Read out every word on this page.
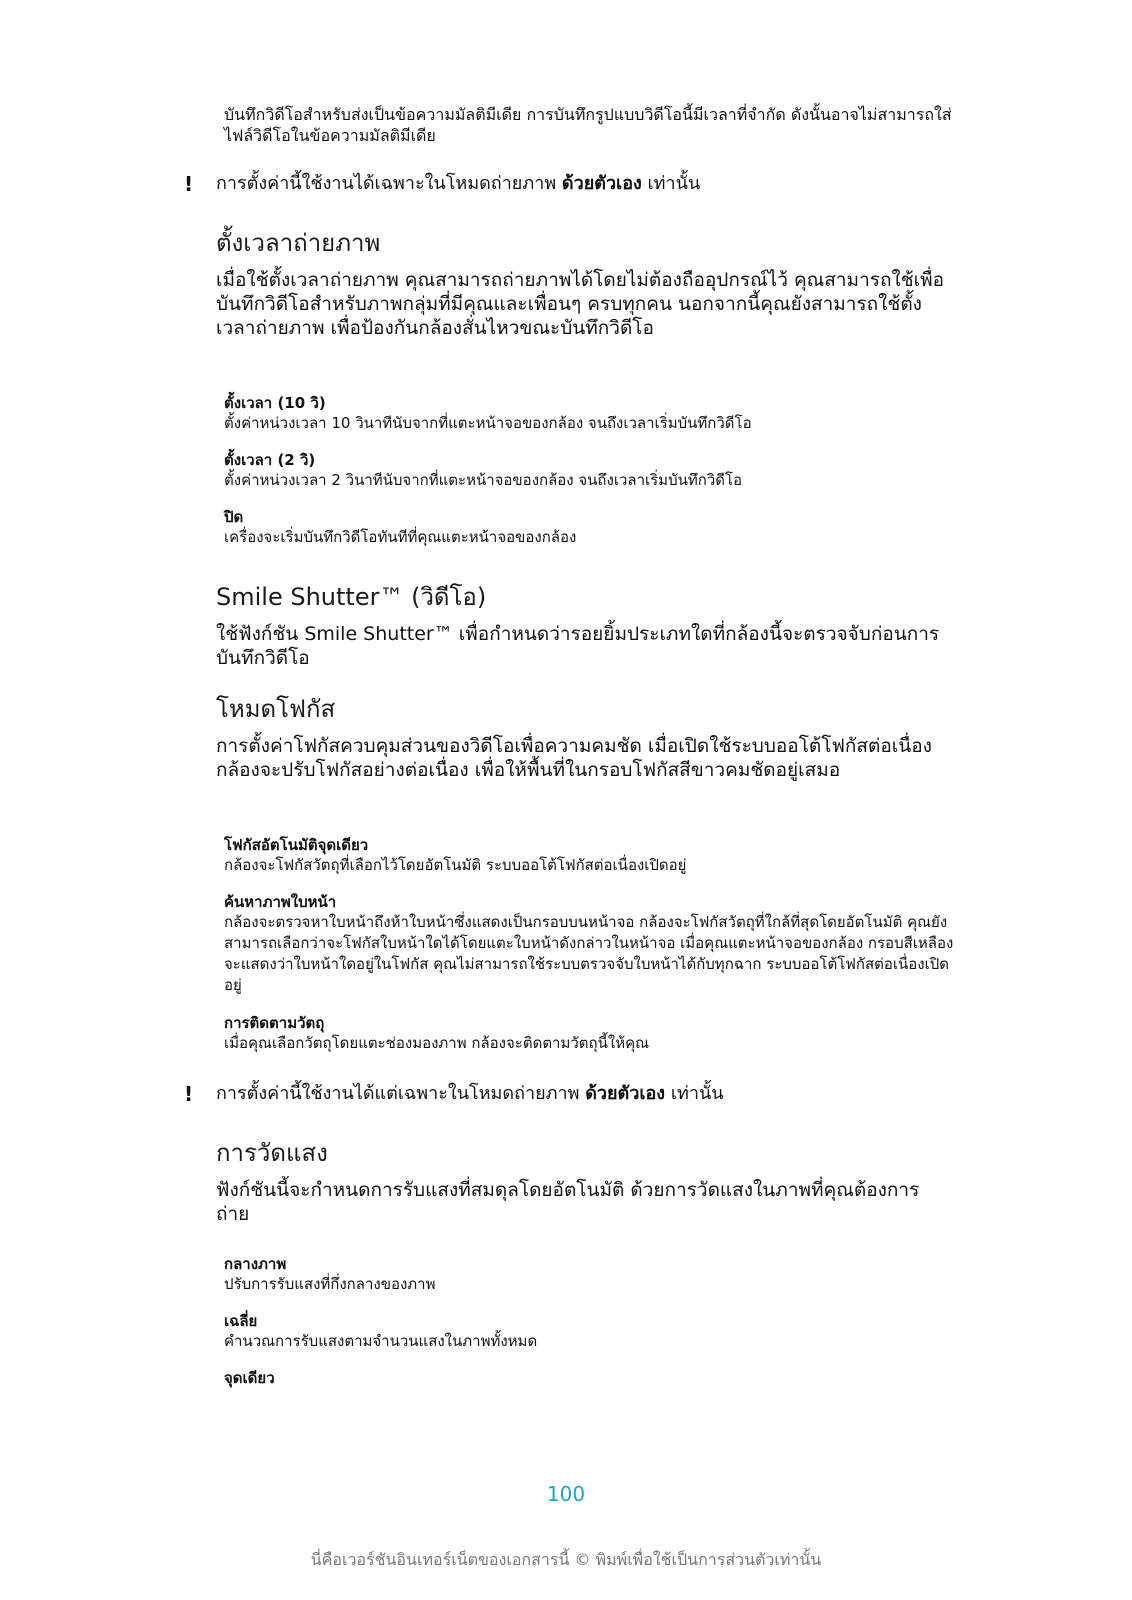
บันทึกวิดีโอสำหรับส่งเป็นข้อความมัลติมีเดีย การบันทึกรูปแบบวิดีโอนี้มีเวลาที่จำกัด ดังนั้นอาจไม่สามารถใส่ไฟล์วิดีโอในข้อความมัลติมีเดีย
! การตั้งค่านี้ใช้งานได้เฉพาะในโหมดถ่ายภาพ ด้วยตัวเอง เท่านั้น
ตั้งเวลาถ่ายภาพ
เมื่อใช้ตั้งเวลาถ่ายภาพ คุณสามารถถ่ายภาพได้โดยไม่ต้องถืออุปกรณ์ไว้ คุณสามารถใช้เพื่อบันทึกวิดีโอสำหรับภาพกลุ่มที่มีคุณและเพื่อนๆ ครบทุกคน นอกจากนี้คุณยังสามารถใช้ตั้งเวลาถ่ายภาพ เพื่อป้องกันกล้องสั่นไหวขณะบันทึกวิดีโอ
ตั้งเวลา (10 วิ)
ตั้งค่าหน่วงเวลา 10 วินาทีนับจากที่แตะหน้าจอของกล้อง จนถึงเวลาเริ่มบันทึกวิดีโอ
ตั้งเวลา (2 วิ)
ตั้งค่าหน่วงเวลา 2 วินาทีนับจากที่แตะหน้าจอของกล้อง จนถึงเวลาเริ่มบันทึกวิดีโอ
ปิด
เครื่องจะเริ่มบันทึกวิดีโอทันทีที่คุณแตะหน้าจอของกล้อง
Smile Shutter™ (วิดีโอ)
ใช้ฟังก์ชัน Smile Shutter™ เพื่อกำหนดว่ารอยยิ้มประเภทใดที่กล้องนี้จะตรวจจับก่อนการบันทึกวิดีโอ
โหมดโฟกัส
การตั้งค่าโฟกัสควบคุมส่วนของวิดีโอเพื่อความคมชัด เมื่อเปิดใช้ระบบออโต้โฟกัสต่อเนื่อง กล้องจะปรับโฟกัสอย่างต่อเนื่อง เพื่อให้พื้นที่ในกรอบโฟกัสสีขาวคมชัดอยู่เสมอ
โฟกัสอัตโนมัติจุดเดียว
กล้องจะโฟกัสวัตถุที่เลือกไว้โดยอัตโนมัติ ระบบออโต้โฟกัสต่อเนื่องเปิดอยู่
ค้นหาภาพใบหน้า
กล้องจะตรวจหาใบหน้าถึงห้าใบหน้าซึ่งแสดงเป็นกรอบบนหน้าจอ กล้องจะโฟกัสวัตถุที่ใกล้ที่สุดโดยอัตโนมัติ คุณยังสามารถเลือกว่าจะโฟกัสใบหน้าใดได้โดยแตะใบหน้าดังกล่าวในหน้าจอ เมื่อคุณแตะหน้าจอของกล้อง กรอบสีเหลืองจะแสดงว่าใบหน้าใดอยู่ในโฟกัส คุณไม่สามารถใช้ระบบตรวจจับใบหน้าได้กับทุกฉาก ระบบออโต้โฟกัสต่อเนื่องเปิดอยู่
การติดตามวัตถุ
เมื่อคุณเลือกวัตถุโดยแตะช่องมองภาพ กล้องจะติดตามวัตถุนี้ให้คุณ
! การตั้งค่านี้ใช้งานได้แต่เฉพาะในโหมดถ่ายภาพ ด้วยตัวเอง เท่านั้น
การวัดแสง
ฟังก์ชันนี้จะกำหนดการรับแสงที่สมดุลโดยอัตโนมัติ ด้วยการวัดแสงในภาพที่คุณต้องการถ่าย
กลางภาพ
ปรับการรับแสงที่กึ่งกลางของภาพ
เฉลี่ย
คำนวณการรับแสงตามจำนวนแสงในภาพทั้งหมด
จุดเดียว
100
นี่คือเวอร์ชันอินเทอร์เน็ตของเอกสารนี้ © พิมพ์เพื่อใช้เป็นการส่วนตัวเท่านั้น
